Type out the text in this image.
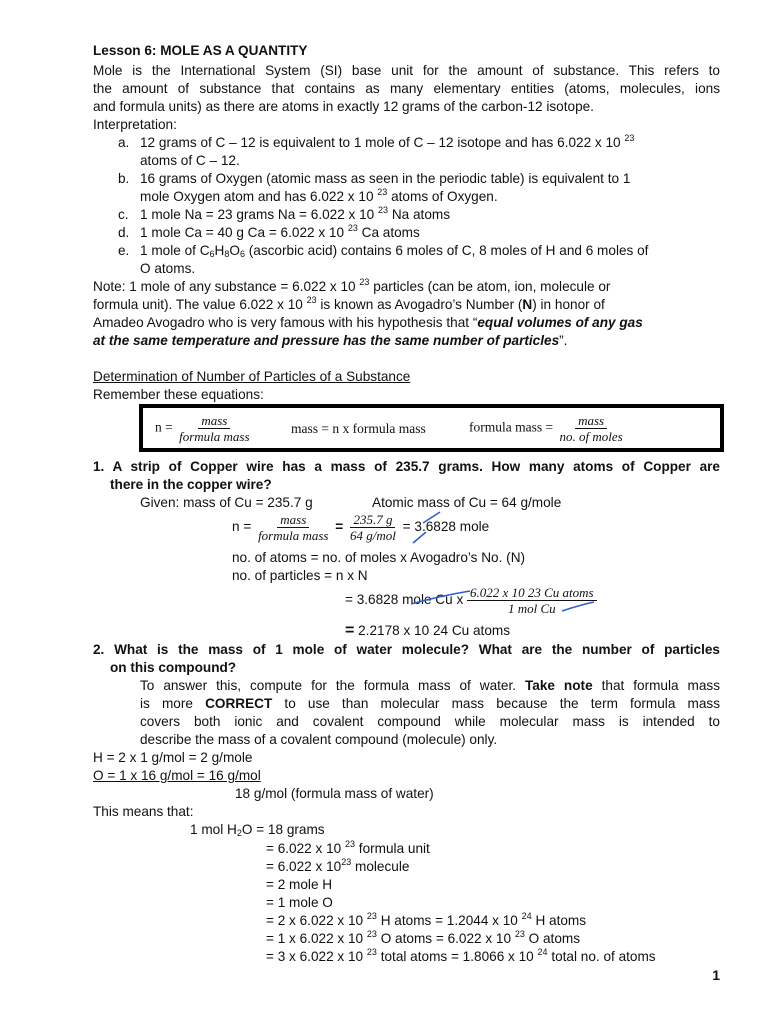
Lesson 6: MOLE AS A QUANTITY
Mole is the International System (SI) base unit for the amount of substance. This refers to
the amount of substance that contains as many elementary entities (atoms, molecules, ions
and formula units) as there are atoms in exactly 12 grams of the carbon-12 isotope.
Interpretation:
a. 12 grams of C – 12 is equivalent to 1 mole of C – 12 isotope and has 6.022 x 10 $^{23}$
atoms of C – 12.
b. 16 grams of Oxygen (atomic mass as seen in the periodic table) is equivalent to 1
mole Oxygen atom and has 6.022 x 10 $^{23}$ atoms of Oxygen.
c. 1 mole Na = 23 grams Na = 6.022 x 10 $^{23}$ Na atoms
d. 1 mole Ca = 40 g Ca = 6.022 x 10 $^{23}$ Ca atoms
e. 1 mole of $C_6H_8O_6$ (ascorbic acid) contains 6 moles of C, 8 moles of H and 6 moles of
O atoms.
Note: 1 mole of any substance = 6.022 x 10 $^{23}$ particles (can be atom, ion, molecule or
formula unit). The value 6.022 x 10 $^{23}$ is known as Avogadro’s Number (N) in honor of
Amadeo Avogadro who is very famous with his hypothesis that “equal volumes of any gas
at the same temperature and pressure has the same number of particles”.
Determination of Number of Particles of a Substance
Remember these equations:
$n = \frac{\text{mass}}{\text{formula mass}}$	mass = n x formula mass	formula mass = $\frac{\text{mass}}{\text{no. of moles}}$
1. A strip of Copper wire has a mass of 235.7 grams. How many atoms of Copper are
there in the copper wire?
Given: mass of Cu = 235.7 g	Atomic mass of Cu = 64 g/mole
$n = \frac{\text{mass}}{\text{formula mass}} = \frac{235.7 g}{\text{64 g/mol}} = 3.6828$ mole
no. of atoms = no. of moles x Avogadro’s No. (N)
no. of particles = n x N
= 3.6828 mole Cu x $\frac{\text{6.022 x 10 23 Cu atoms}}{\text{1 mol Cu}}$
= 2.2178 x 10 24 Cu atoms
2. What is the mass of 1 mole of water molecule? What are the number of particles
on this compound?
To answer this, compute for the formula mass of water. Take note that formula mass
is more CORRECT to use than molecular mass because the term formula mass
covers both ionic and covalent compound while molecular mass is intended to
describe the mass of a covalent compound (molecule) only.
H = 2 x 1 g/mol = 2 g/mole
O = 1 x 16 g/mol = 16 g/mol
18 g/mol (formula mass of water)
This means that:
1 mol $H_2O = 18$ grams
= 6.022 x 10 $^{23}$ formula unit
= 6.022 x $10^{23}$ molecule
= 2 mole H
= 1 mole O
= 2 x 6.022 x 10 $^{23}$ H atoms = 1.2044 x 10 $^{24}$ H atoms
= 1 x 6.022 x 10 $^{23}$ O atoms = 6.022 x 10 $^{23}$ O atoms
= 3 x 6.022 x 10 $^{23}$ total atoms = 1.8066 x 10 $^{24}$ total no. of atoms
1
